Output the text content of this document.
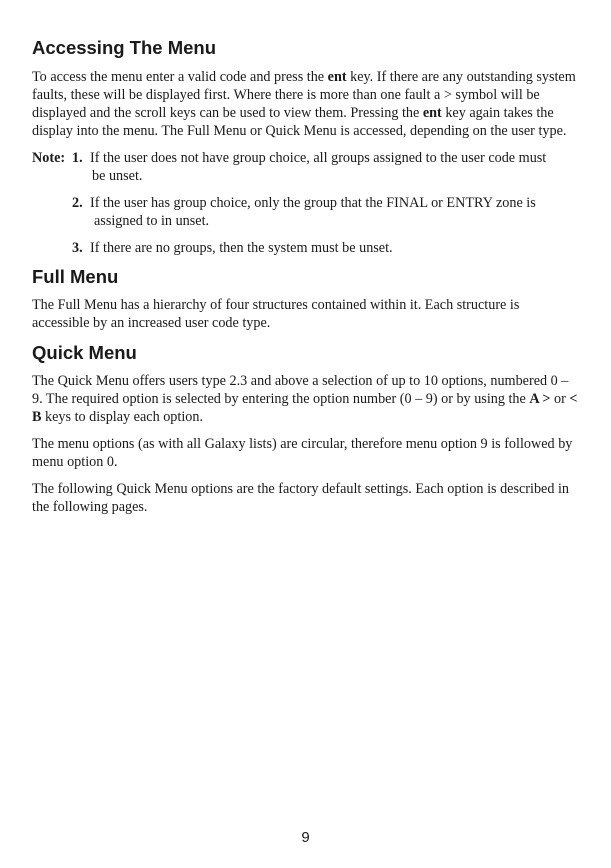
Accessing The Menu

To access the menu enter a valid code and press the ent key. If there are any outstanding system faults, these will be displayed first. Where there is more than one fault a > symbol will be displayed and the scroll keys can be used to view them. Pressing the ent key again takes the display into the menu. The Full Menu or Quick Menu is accessed, depending on the user type.

Note: 1. If the user does not have group choice, all groups assigned to the user code must
be unset.
2. If the user has group choice, only the group that the FINAL or ENTRY zone is
assigned to in unset.
3. If there are no groups, then the system must be unset.
Full Menu

The Full Menu has a hierarchy of four structures contained within it. Each structure is accessible by an increased user code type.

Quick Menu

The Quick Menu offers users type 2.3 and above a selection of up to 10 options, numbered 0 – 9. The required option is selected by entering the option number (0 – 9) or by using the A > or < B keys to display each option.

The menu options (as with all Galaxy lists) are circular, therefore menu option 9 is followed by menu option 0.

The following Quick Menu options are the factory default settings. Each option is described in the following pages.

9
